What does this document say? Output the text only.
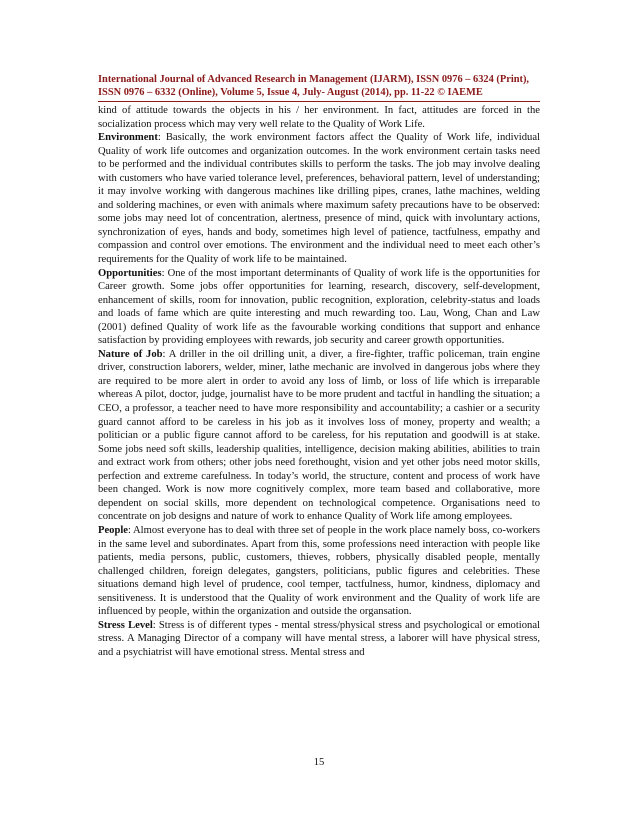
International Journal of Advanced Research in Management (IJARM), ISSN 0976 – 6324 (Print),
ISSN 0976 – 6332 (Online), Volume 5, Issue 4, July- August (2014), pp. 11-22 © IAEME

kind of attitude towards the objects in his / her environment. In fact, attitudes are forced in the socialization process which may very well relate to the Quality of Work Life.

Environment: Basically, the work environment factors affect the Quality of Work life, individual Quality of work life outcomes and organization outcomes. In the work environment certain tasks need to be performed and the individual contributes skills to perform the tasks. The job may involve dealing with customers who have varied tolerance level, preferences, behavioral pattern, level of understanding; it may involve working with dangerous machines like drilling pipes, cranes, lathe machines, welding and soldering machines, or even with animals where maximum safety precautions have to be observed: some jobs may need lot of concentration, alertness, presence of mind, quick with involuntary actions, synchronization of eyes, hands and body, sometimes high level of patience, tactfulness, empathy and compassion and control over emotions. The environment and the individual need to meet each other’s requirements for the Quality of work life to be maintained.

Opportunities: One of the most important determinants of Quality of work life is the opportunities for Career growth. Some jobs offer opportunities for learning, research, discovery, self-development, enhancement of skills, room for innovation, public recognition, exploration, celebrity-status and loads and loads of fame which are quite interesting and much rewarding too. Lau, Wong, Chan and Law (2001) defined Quality of work life as the favourable working conditions that support and enhance satisfaction by providing employees with rewards, job security and career growth opportunities.

Nature of Job: A driller in the oil drilling unit, a diver, a fire-fighter, traffic policeman, train engine driver, construction laborers, welder, miner, lathe mechanic are involved in dangerous jobs where they are required to be more alert in order to avoid any loss of limb, or loss of life which is irreparable whereas A pilot, doctor, judge, journalist have to be more prudent and tactful in handling the situation; a CEO, a professor, a teacher need to have more responsibility and accountability; a cashier or a security guard cannot afford to be careless in his job as it involves loss of money, property and wealth; a politician or a public figure cannot afford to be careless, for his reputation and goodwill is at stake. Some jobs need soft skills, leadership qualities, intelligence, decision making abilities, abilities to train and extract work from others; other jobs need forethought, vision and yet other jobs need motor skills, perfection and extreme carefulness. In today’s world, the structure, content and process of work have been changed. Work is now more cognitively complex, more team based and collaborative, more dependent on social skills, more dependent on technological competence. Organisations need to concentrate on job designs and nature of work to enhance Quality of Work life among employees.

People: Almost everyone has to deal with three set of people in the work place namely boss, co-workers in the same level and subordinates. Apart from this, some professions need interaction with people like patients, media persons, public, customers, thieves, robbers, physically disabled people, mentally challenged children, foreign delegates, gangsters, politicians, public figures and celebrities. These situations demand high level of prudence, cool temper, tactfulness, humor, kindness, diplomacy and sensitiveness. It is understood that the Quality of work environment and the Quality of work life are influenced by people, within the organization and outside the organsation.

Stress Level: Stress is of different types - mental stress/physical stress and psychological or emotional stress. A Managing Director of a company will have mental stress, a laborer will have physical stress, and a psychiatrist will have emotional stress. Mental stress and

15
